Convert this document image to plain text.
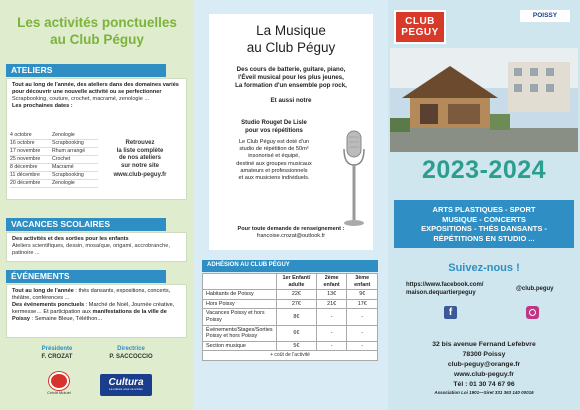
Les activités ponctuelles
au Club Péguy
ATELIERS
Tout au long de l'année, des ateliers dans des domaines variés pour découvrir une nouvelle activité ou se perfectionner
Scrapbooking, couture, crochet, macramé, zenologie ...
Les prochaines dates :
4 octobre	Zenologie
16 octobre	Scrapbooking
17 novembre	Rhum arrangé
25 novembre	Crochet
8 décembre	Macramé
11 décembre	Scrapbooking
20 décembre	Zenologie
Retrouvez
la liste complète
de nos ateliers
sur notre site
www.club-peguy.fr
VACANCES SCOLAIRES
Des activités et des sorties pour les enfants
Ateliers scientifiques, dessin, mosaïque, origami, accrobranche, patinoire ...
ÉVÉNEMENTS
Tout au long de l'année : thés dansants, expositions, concerts, théâtre, conférences ...
Des événements ponctuels : Marché de Noël, Journée créative, kermesse… Et participation aux manifestations de la ville de Poissy : Semaine Bleue, Téléthon...
Présidente
F. CROZAT
Directrice
P. SACCOCCIO
Crédit Mutuel
Cultura
La culture vous va si bien
La Musique
au Club Péguy
Des cours de batterie, guitare, piano,
l'Éveil musical pour les plus jeunes,
La formation d'un ensemble pop rock,
Et aussi notre
Studio Rouget De Lisle
pour vos répétitions
Le Club Péguy est doté d'un
studio de répétition de 50m²
insonorisé et équipé,
destiné aux groupes musicaux
amateurs et professionnels
et aux musiciens individuels.
Pour toute demande de renseignement :
francoise.crozat@outlook.fr
ADHÉSION AU CLUB PÉGUY
	1er Enfant/ adulte	2ème enfant	3ème enfant
Habitants de Poissy	22€	13€	9€
Hors Poissy	27€	21€	17€
Vacances Poissy et hors Poissy	8€	-	-
Événements/Stages/Sorties Poissy et hors Poissy	6€	-	-
Section musique	5€	-	-
+ coût de l'activité			
CLUB
PEGUY
POISSY
2023-2024
ARTS PLASTIQUES - SPORT
MUSIQUE - CONCERTS
EXPOSITIONS - THÉS DANSANTS -
RÉPÉTITIONS EN STUDIO ...
Suivez-nous !
https://www.facebook.com/
maison.dequartierpeguy
@club.peguy
f
32 bis avenue Fernand Lefebvre
78300 Poissy
club-peguy@orange.fr
www.club-peguy.fr
Tél : 01 30 74 67 96
Association Loi 1901—Siret 331 363 140 00016
